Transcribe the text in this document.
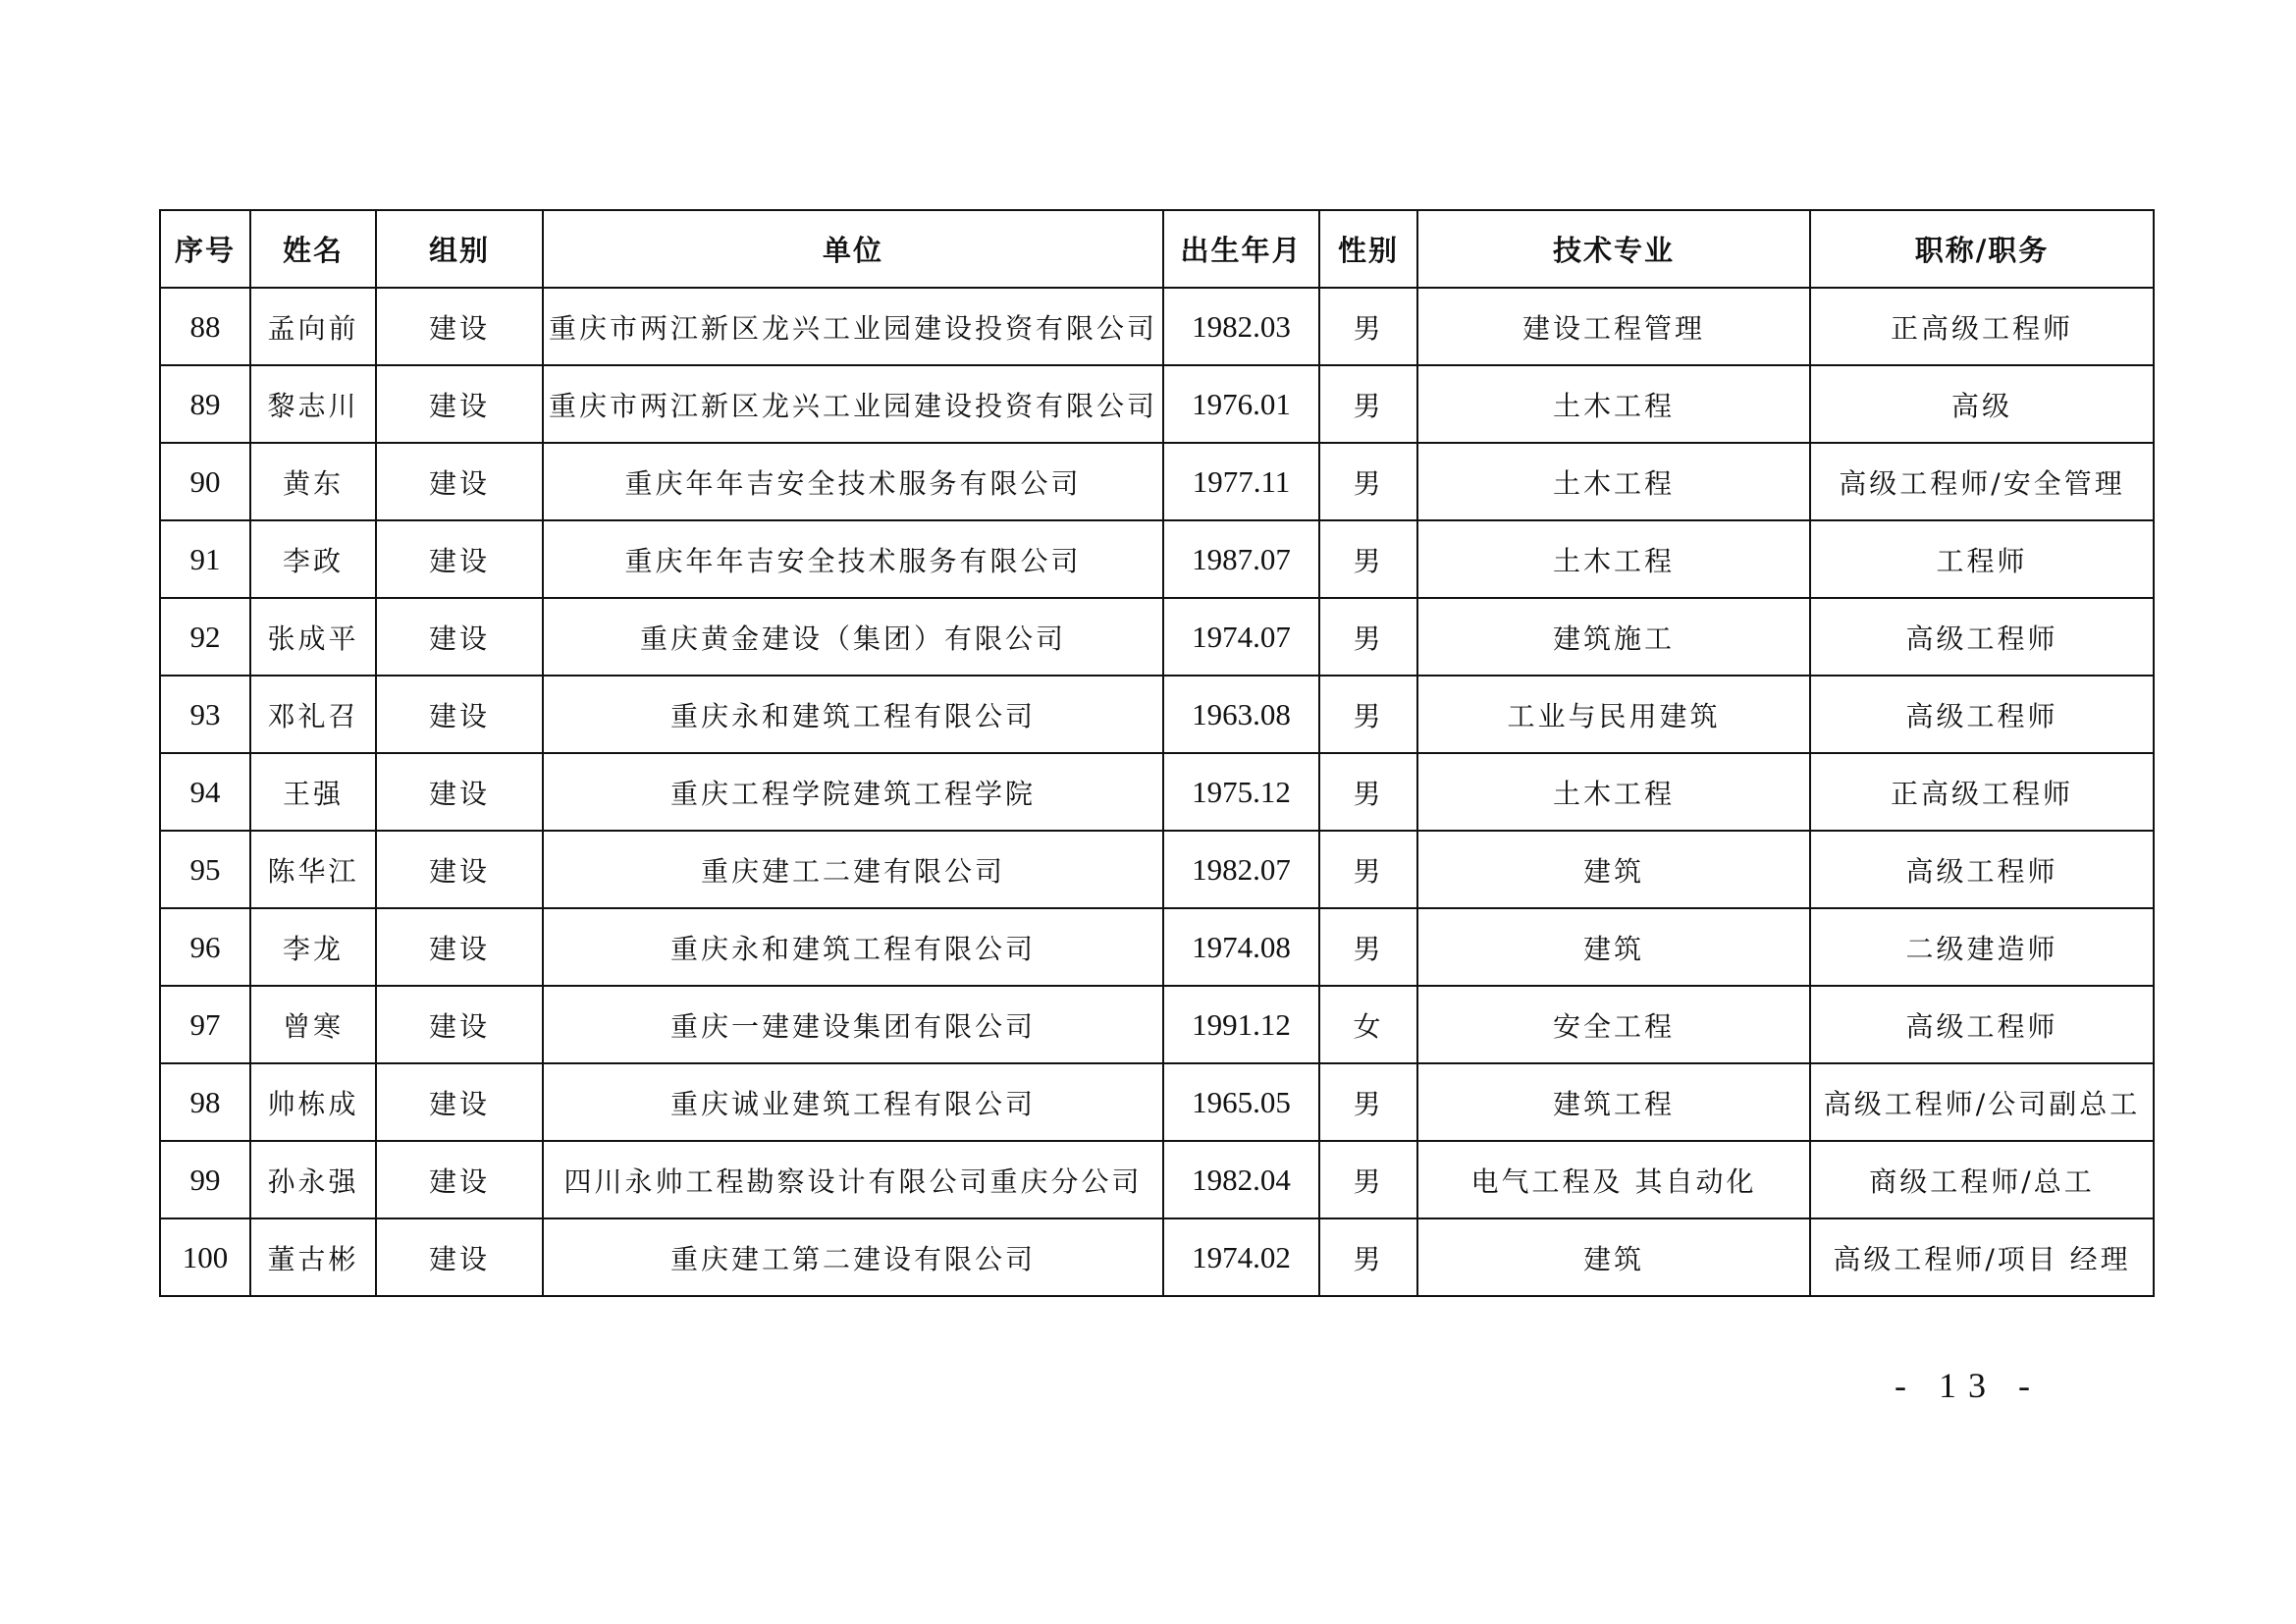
序号	姓名	组别	单位	出生年月	性别	技术专业	职称/职务
88	孟向前	建设	重庆市两江新区龙兴工业园建设投资有限公司	1982.03	男	建设工程管理	正高级工程师
89	黎志川	建设	重庆市两江新区龙兴工业园建设投资有限公司	1976.01	男	土木工程	高级
90	黄东	建设	重庆年年吉安全技术服务有限公司	1977.11	男	土木工程	高级工程师/安全管理
91	李政	建设	重庆年年吉安全技术服务有限公司	1987.07	男	土木工程	工程师
92	张成平	建设	重庆黄金建设（集团）有限公司	1974.07	男	建筑施工	高级工程师
93	邓礼召	建设	重庆永和建筑工程有限公司	1963.08	男	工业与民用建筑	高级工程师
94	王强	建设	重庆工程学院建筑工程学院	1975.12	男	土木工程	正高级工程师
95	陈华江	建设	重庆建工二建有限公司	1982.07	男	建筑	高级工程师
96	李龙	建设	重庆永和建筑工程有限公司	1974.08	男	建筑	二级建造师
97	曾寒	建设	重庆一建建设集团有限公司	1991.12	女	安全工程	高级工程师
98	帅栋成	建设	重庆诚业建筑工程有限公司	1965.05	男	建筑工程	高级工程师/公司副总工
99	孙永强	建设	四川永帅工程勘察设计有限公司重庆分公司	1982.04	男	电气工程及 其自动化	商级工程师/总工
100	董古彬	建设	重庆建工第二建设有限公司	1974.02	男	建筑	高级工程师/项目 经理
- 13 -
